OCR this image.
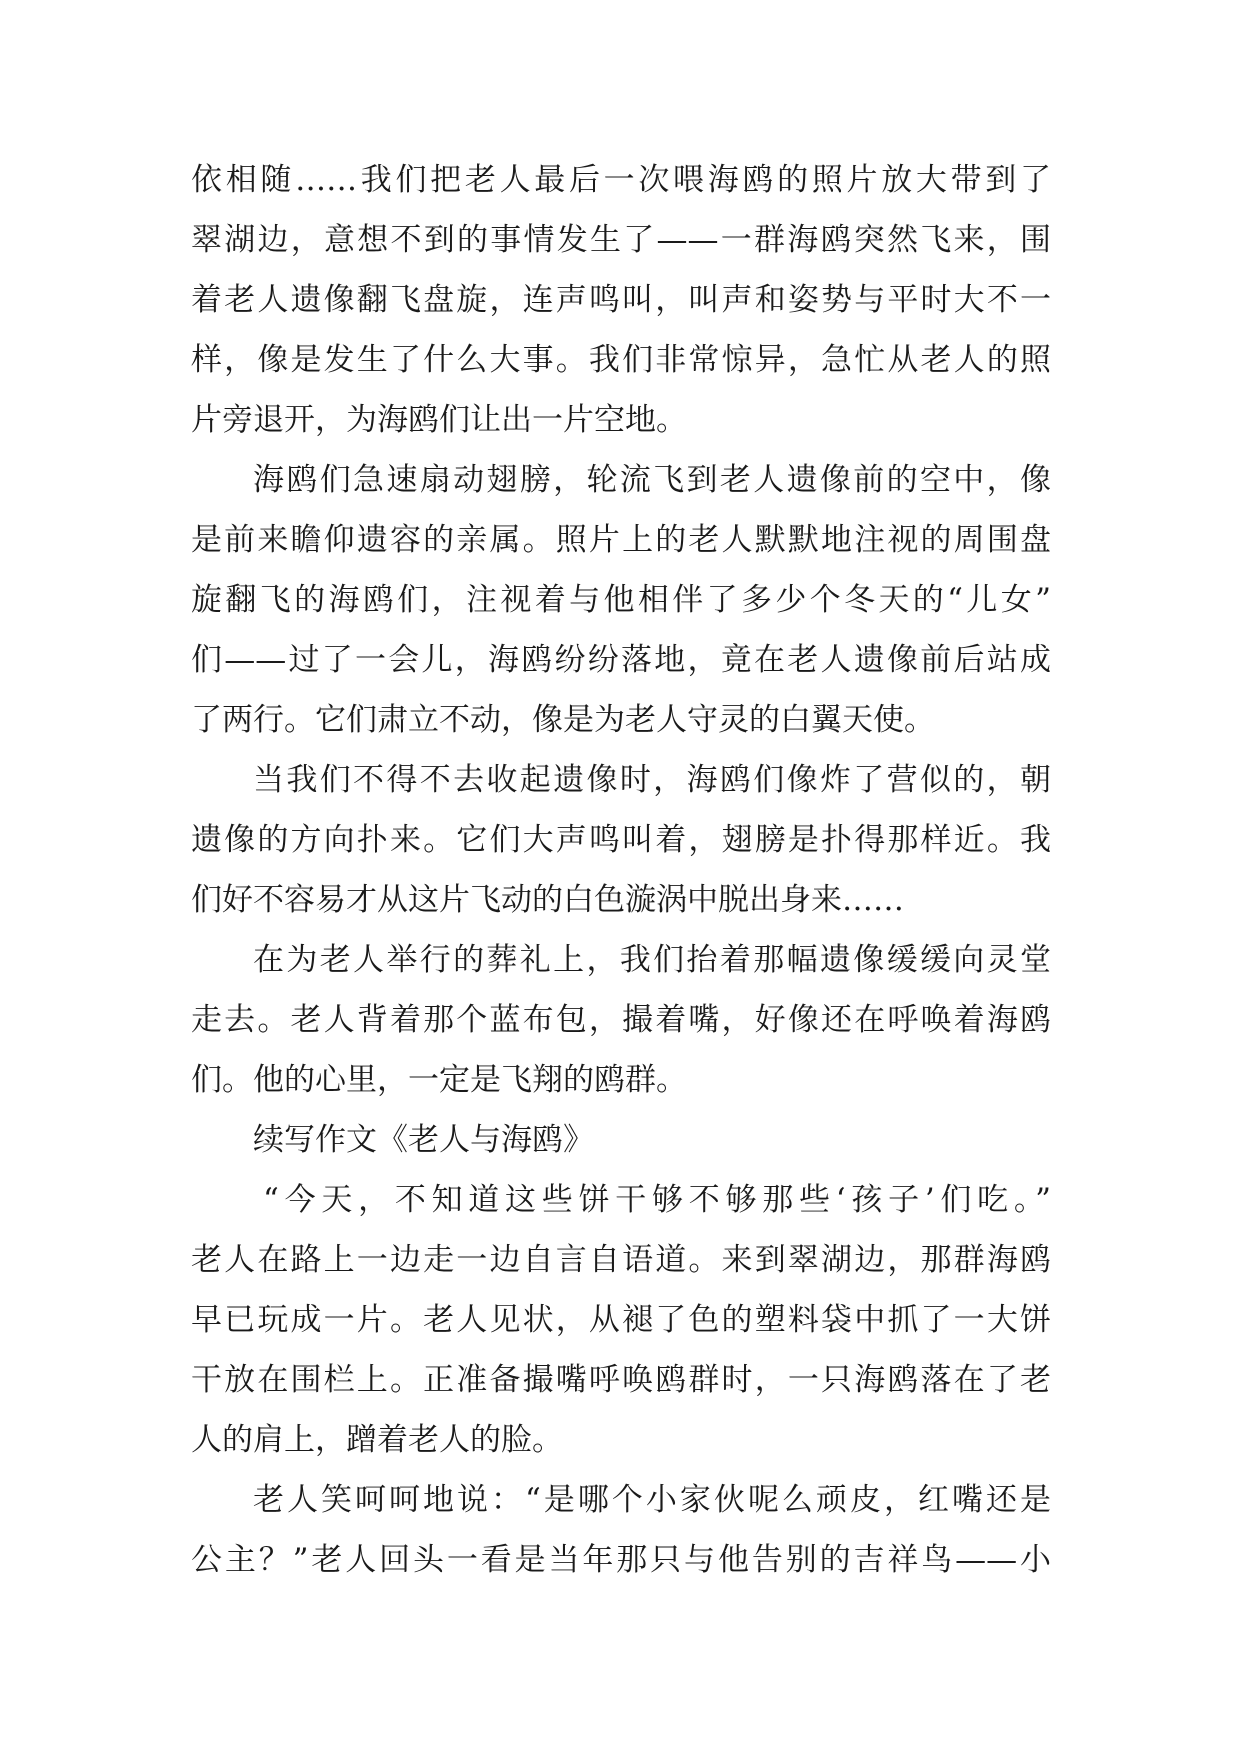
依相随……我们把老人最后一次喂海鸥的照片放大带到了
翠湖边，意想不到的事情发生了——一群海鸥突然飞来，围
着老人遗像翻飞盘旋，连声鸣叫，叫声和姿势与平时大不一
样，像是发生了什么大事。我们非常惊异，急忙从老人的照
片旁退开，为海鸥们让出一片空地。
海鸥们急速扇动翅膀，轮流飞到老人遗像前的空中，像
是前来瞻仰遗容的亲属。照片上的老人默默地注视的周围盘
旋翻飞的海鸥们，注视着与他相伴了多少个冬天的“儿女”
们——过了一会儿，海鸥纷纷落地，竟在老人遗像前后站成
了两行。它们肃立不动，像是为老人守灵的白翼天使。
当我们不得不去收起遗像时，海鸥们像炸了营似的，朝
遗像的方向扑来。它们大声鸣叫着，翅膀是扑得那样近。我
们好不容易才从这片飞动的白色漩涡中脱出身来……
在为老人举行的葬礼上，我们抬着那幅遗像缓缓向灵堂
走去。老人背着那个蓝布包，撮着嘴，好像还在呼唤着海鸥
们。他的心里，一定是飞翔的鸥群。
续写作文《老人与海鸥》
“今天，不知道这些饼干够不够那些‘孩子’们吃。”
老人在路上一边走一边自言自语道。来到翠湖边，那群海鸥
早已玩成一片。老人见状，从褪了色的塑料袋中抓了一大饼
干放在围栏上。正准备撮嘴呼唤鸥群时，一只海鸥落在了老
人的肩上，蹭着老人的脸。
老人笑呵呵地说：“是哪个小家伙呢么顽皮，红嘴还是
公主？”老人回头一看是当年那只与他告别的吉祥鸟——小
